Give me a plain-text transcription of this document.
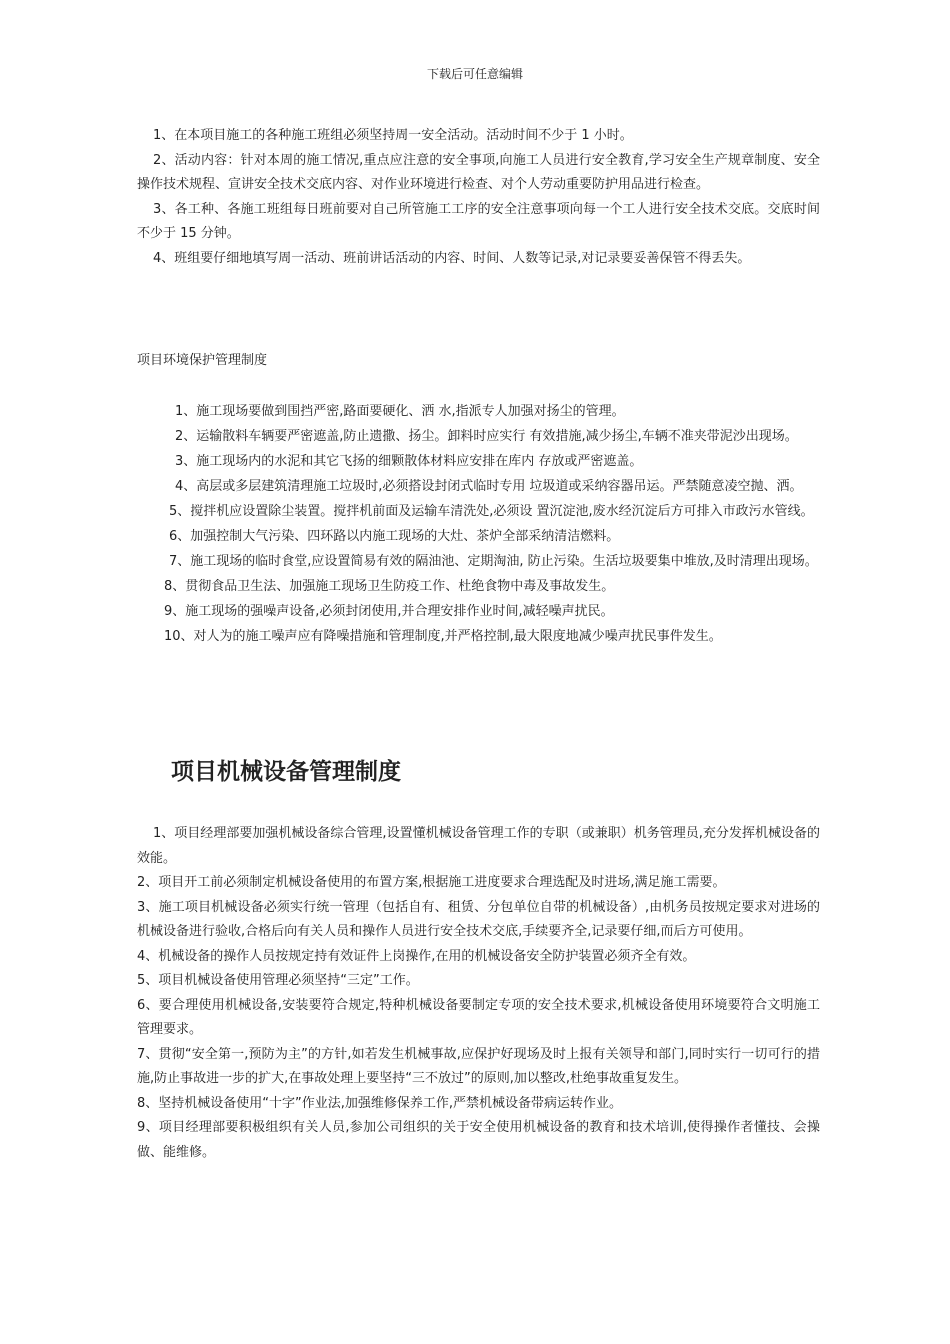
下载后可任意编辑

1、在本项目施工的各种施工班组必须坚持周一安全活动。活动时间不少于 1 小时。

2、活动内容：针对本周的施工情况,重点应注意的安全事项,向施工人员进行安全教育,学习安全生产规章制度、安全操作技术规程、宣讲安全技术交底内容、对作业环境进行检查、对个人劳动重要防护用品进行检查。

3、各工种、各施工班组每日班前要对自己所管施工工序的安全注意事项向每一个工人进行安全技术交底。交底时间不少于 15 分钟。

4、班组要仔细地填写周一活动、班前讲话活动的内容、时间、人数等记录,对记录要妥善保管不得丢失。

项目环境保护管理制度

1、施工现场要做到围挡严密,路面要硬化、洒 水,指派专人加强对扬尘的管理。

2、运输散料车辆要严密遮盖,防止遗撒、扬尘。卸料时应实行 有效措施,减少扬尘,车辆不准夹带泥沙出现场。

3、施工现场内的水泥和其它飞扬的细颗散体材料应安排在库内 存放或严密遮盖。

4、高层或多层建筑清理施工垃圾时,必须搭设封闭式临时专用 垃圾道或采纳容器吊运。严禁随意凌空抛、洒。

5、搅拌机应设置除尘装置。搅拌机前面及运输车清洗处,必须设 置沉淀池,废水经沉淀后方可排入市政污水管线。

6、加强控制大气污染、四环路以内施工现场的大灶、茶炉全部采纳清洁燃料。

7、施工现场的临时食堂,应设置简易有效的隔油池、定期淘油, 防止污染。生活垃圾要集中堆放,及时清理出现场。

8、贯彻食品卫生法、加强施工现场卫生防疫工作、杜绝食物中毒及事故发生。

9、施工现场的强噪声设备,必须封闭使用,并合理安排作业时间,减轻噪声扰民。

10、对人为的施工噪声应有降噪措施和管理制度,并严格控制,最大限度地减少噪声扰民事件发生。

项目机械设备管理制度

1、项目经理部要加强机械设备综合管理,设置懂机械设备管理工作的专职（或兼职）机务管理员,充分发挥机械设备的效能。

2、项目开工前必须制定机械设备使用的布置方案,根据施工进度要求合理选配及时进场,满足施工需要。

3、施工项目机械设备必须实行统一管理（包括自有、租赁、分包单位自带的机械设备）,由机务员按规定要求对进场的机械设备进行验收,合格后向有关人员和操作人员进行安全技术交底,手续要齐全,记录要仔细,而后方可使用。

4、机械设备的操作人员按规定持有效证件上岗操作,在用的机械设备安全防护装置必须齐全有效。

5、项目机械设备使用管理必须坚持“三定”工作。

6、要合理使用机械设备,安装要符合规定,特种机械设备要制定专项的安全技术要求,机械设备使用环境要符合文明施工管理要求。

7、贯彻“安全第一,预防为主”的方针,如若发生机械事故,应保护好现场及时上报有关领导和部门,同时实行一切可行的措施,防止事故进一步的扩大,在事故处理上要坚持“三不放过”的原则,加以整改,杜绝事故重复发生。

8、坚持机械设备使用“十字”作业法,加强维修保养工作,严禁机械设备带病运转作业。

9、项目经理部要积极组织有关人员,参加公司组织的关于安全使用机械设备的教育和技术培训,使得操作者懂技、会操做、能维修。
